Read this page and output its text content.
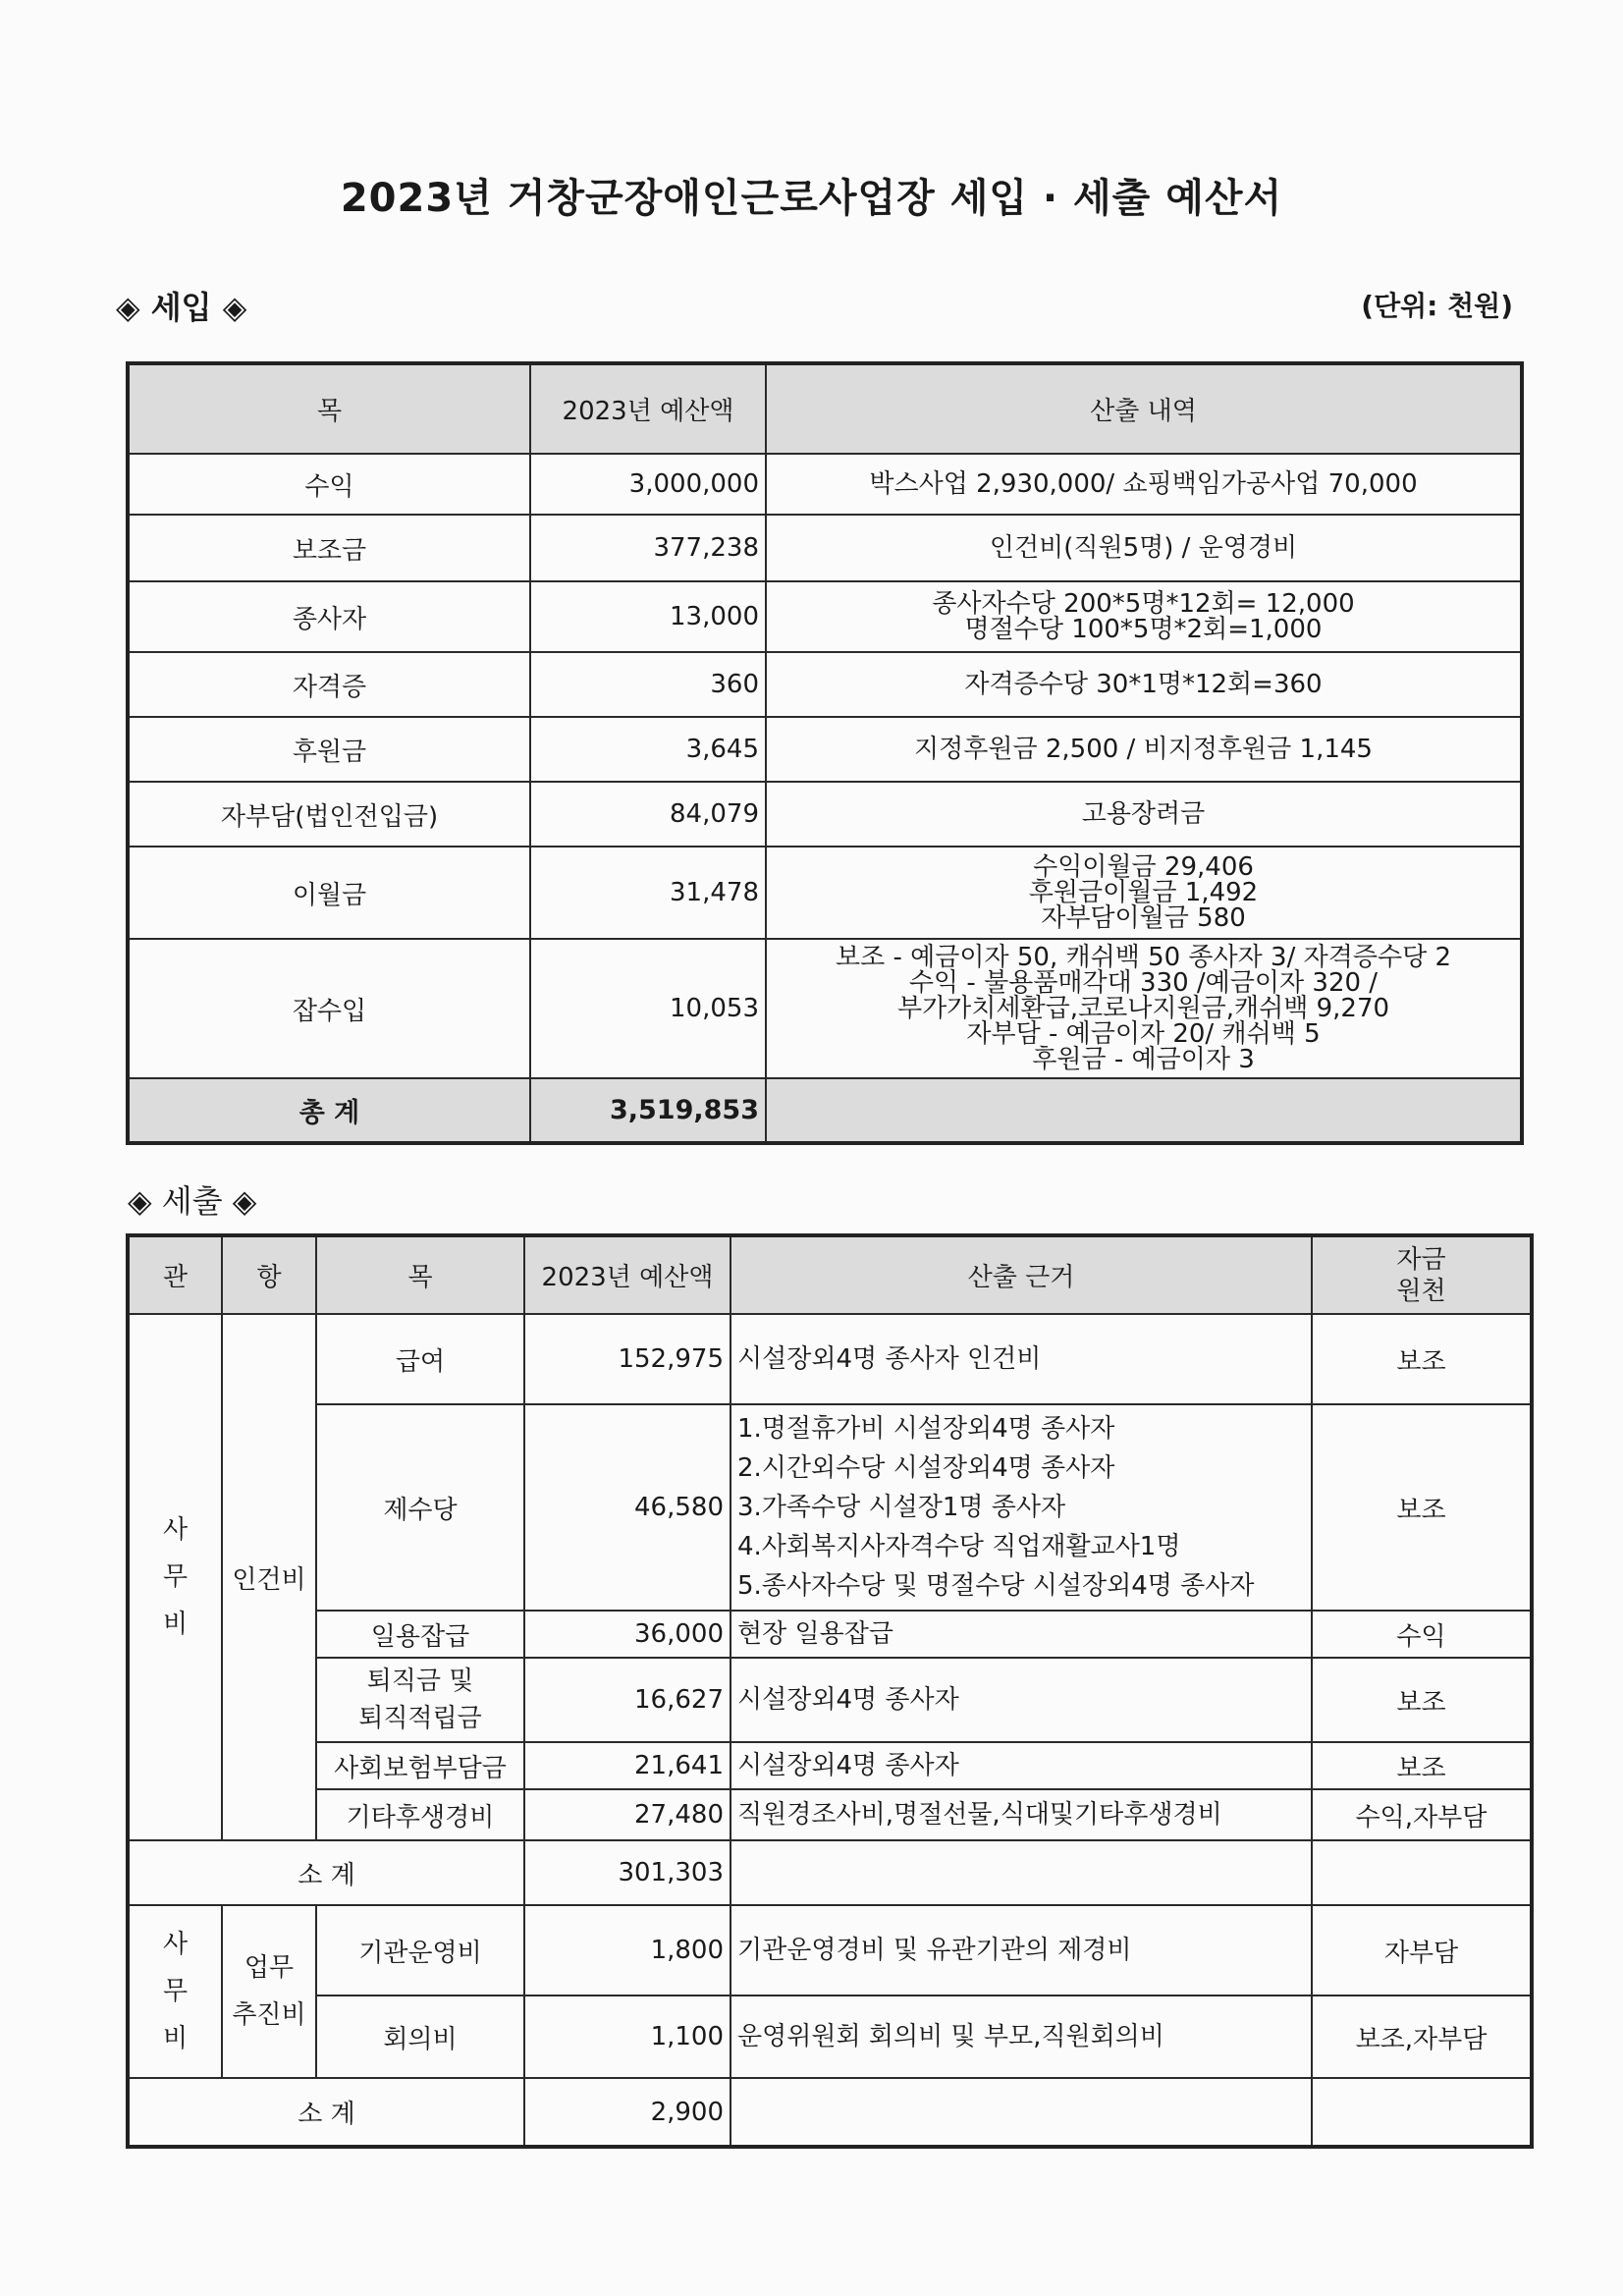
2023년 거창군장애인근로사업장 세입 · 세출 예산서
◈ 세입 ◈	(단위: 천원)
목	2023년 예산액	산출 내역
수익	3,000,000	박스사업 2,930,000/ 쇼핑백임가공사업 70,000
보조금	377,238	인건비(직원5명) / 운영경비
종사자	13,000	종사자수당 200*5명*12회= 12,000
명절수당 100*5명*2회=1,000
자격증	360	자격증수당 30*1명*12회=360
후원금	3,645	지정후원금 2,500 / 비지정후원금 1,145
자부담(법인전입금)	84,079	고용장려금
이월금	31,478	수익이월금 29,406
후원금이월금 1,492
자부담이월금 580
잡수입	10,053	보조 - 예금이자 50, 캐쉬백 50 종사자 3/ 자격증수당 2
수익 - 불용품매각대 330 /예금이자 320 /
부가가치세환급,코로나지원금,캐쉬백 9,270
자부담 - 예금이자 20/ 캐쉬백 5
후원금 - 예금이자 3
총 계	3,519,853	
◈ 세출 ◈
관	항	목	2023년 예산액	산출 근거	자금
원천
사
무
비	인건비	급여	152,975	시설장외4명 종사자 인건비	보조
		제수당	46,580	1.명절휴가비 시설장외4명 종사자
2.시간외수당 시설장외4명 종사자
3.가족수당 시설장1명 종사자
4.사회복지사자격수당 직업재활교사1명
5.종사자수당 및 명절수당 시설장외4명 종사자	보조
		일용잡급	36,000	현장 일용잡급	수익
		퇴직금 및
퇴직적립금	16,627	시설장외4명 종사자	보조
		사회보험부담금	21,641	시설장외4명 종사자	보조
		기타후생경비	27,480	직원경조사비,명절선물,식대및기타후생경비	수익,자부담
소 계			301,303		
사
무
비	업무
추진비	기관운영비	1,800	기관운영경비 및 유관기관의 제경비	자부담
		회의비	1,100	운영위원회 회의비 및 부모,직원회의비	보조,자부담
소 계			2,900		
